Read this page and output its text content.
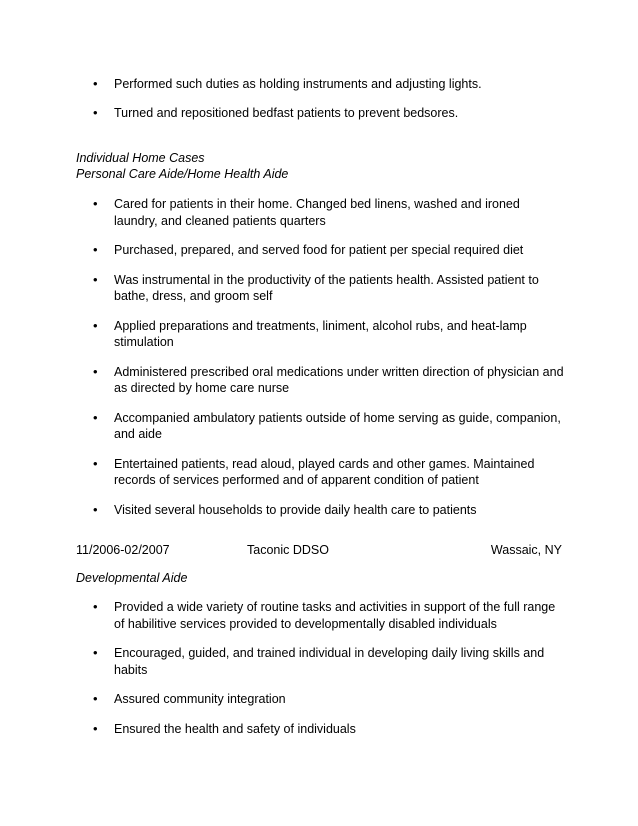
• Performed such duties as holding instruments and adjusting lights.
• Turned and repositioned bedfast patients to prevent bedsores.
Individual Home Cases
Personal Care Aide/Home Health Aide
• Cared for patients in their home. Changed bed linens, washed and ironed laundry, and cleaned patients quarters
• Purchased, prepared, and served food for patient per special required diet
• Was instrumental in the productivity of the patients health. Assisted patient to bathe, dress, and groom self
• Applied preparations and treatments, liniment, alcohol rubs, and heat-lamp stimulation
• Administered prescribed oral medications under written direction of physician and as directed by home care nurse
• Accompanied ambulatory patients outside of home serving as guide, companion, and aide
• Entertained patients, read aloud, played cards and other games. Maintained records of services performed and of apparent condition of patient
• Visited several households to provide daily health care to patients
11/2006-02/2007	Taconic DDSO	Wassaic, NY
Developmental Aide
• Provided a wide variety of routine tasks and activities in support of the full range of habilitive services provided to developmentally disabled individuals
• Encouraged, guided, and trained individual in developing daily living skills and habits
• Assured community integration
• Ensured the health and safety of individuals
